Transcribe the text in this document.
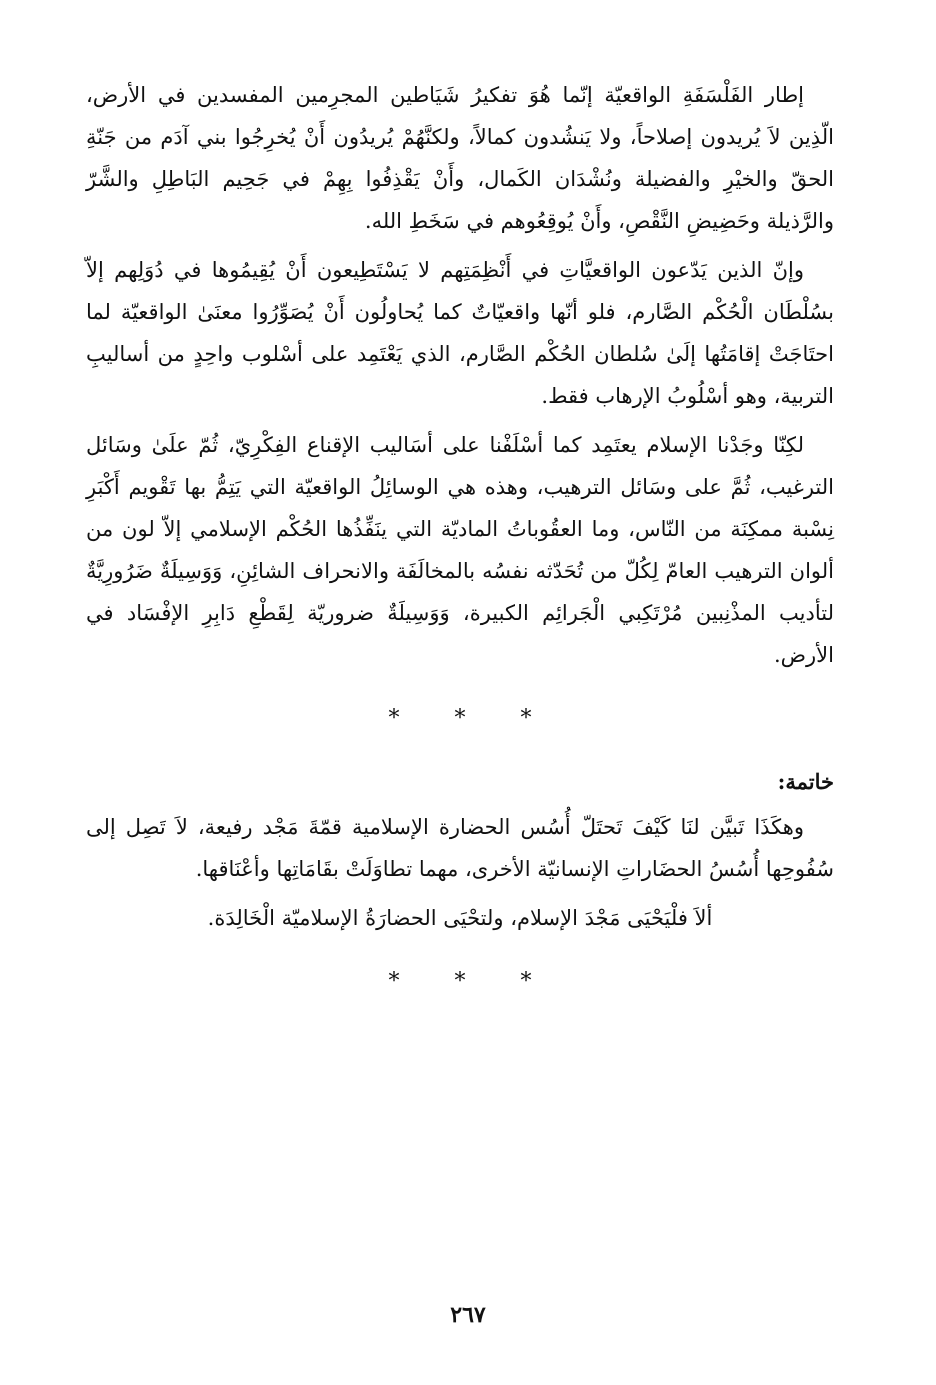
إطار الفَلْسَفَةِ الواقعيّة إنّما هُوَ تفكيرُ شَيَاطين المجرِمين المفسدين في الأرض، الّذِين لاَ يُريدون إصلاحاً، ولا يَنشُدون كمالاً، ولكنَّهُمْ يُريدُون أَنْ يُخرِجُوا بني آدَم من جَنّةِ الحقّ والخيْرِ والفضيلة ونُشْدَان الكَمال، وأَنْ يَقْذِفُوا بِهِمْ في جَحِيم البَاطِلِ والشَّرّ والرَّذيلة وحَضِيضِ النَّقْصِ، وأَنْ يُوقِعُوهم في سَخَطِ الله.

وإنّ الذين يَدّعون الواقعيَّاتِ في أَنْظِمَتِهم لا يَسْتَطِيعون أَنْ يُقِيمُوها في دُوَلِهم إلاّ بسُلْطَان الْحُكْم الصَّارم، فلو أنّها واقعيّاتٌ كما يُحاولُون أَنْ يُصَوِّرُوا معنَىٰ الواقعيّة لما احتَاجَتْ إقامَتُها إلَىٰ سُلطان الحُكْم الصَّارم، الذي يَعْتَمِد على أسْلوب واحِدٍ من أساليبِ التربية، وهو أسْلُوبُ الإرهاب فقط.

لكِنّا وجَدْنا الإسلام يعتَمِد كما أسْلَفْنا على أسَاليب الإقناع الفِكْرِيّ، ثُمّ علَىٰ وسَائل الترغيب، ثُمَّ على وسَائل الترهيب، وهذه هي الوسائِلُ الواقعيّة التي يَتِمُّ بها تَقْويم أَكْبَرِ نِسْبة ممكِنَة من النّاس، وما العقُوباتُ الماديّة التي ينَفِّذُها الحُكْم الإسلامي إلاّ لون من ألوان الترهيب العامّ لِكُلّ من تُحَدّثه نفسُه بالمخالَفَة والانحراف الشائِنِ، وَوَسِيلَةٌ ضَرُورِيَّةٌ لتأديب المذْنِبين مُرْتَكِبي الْجَرائِم الكبيرة، وَوَسِيلَةٌ ضروريّة لِقَطْعِ دَابِرِ الإفْسَاد في الأرض.

* * *
خاتمة:

وهكَذَا تَبيَّن لنَا كَيْفَ تَحتَلّ أُسُس الحضارة الإسلامية قمّةَ مَجْد رفيعة، لاَ تَصِل إلى سُفُوحِها أُسُسُ الحضَاراتِ الإنسانيّة الأخرى، مهما تطاوَلَتْ بقَامَاتِها وأعْنَاقها.

ألاَ فلْيَحْيَى مَجْدَ الإسلام، ولتحْيَى الحضارَةُ الإسلاميّة الْخَالِدَة.

* * *
٢٦٧
